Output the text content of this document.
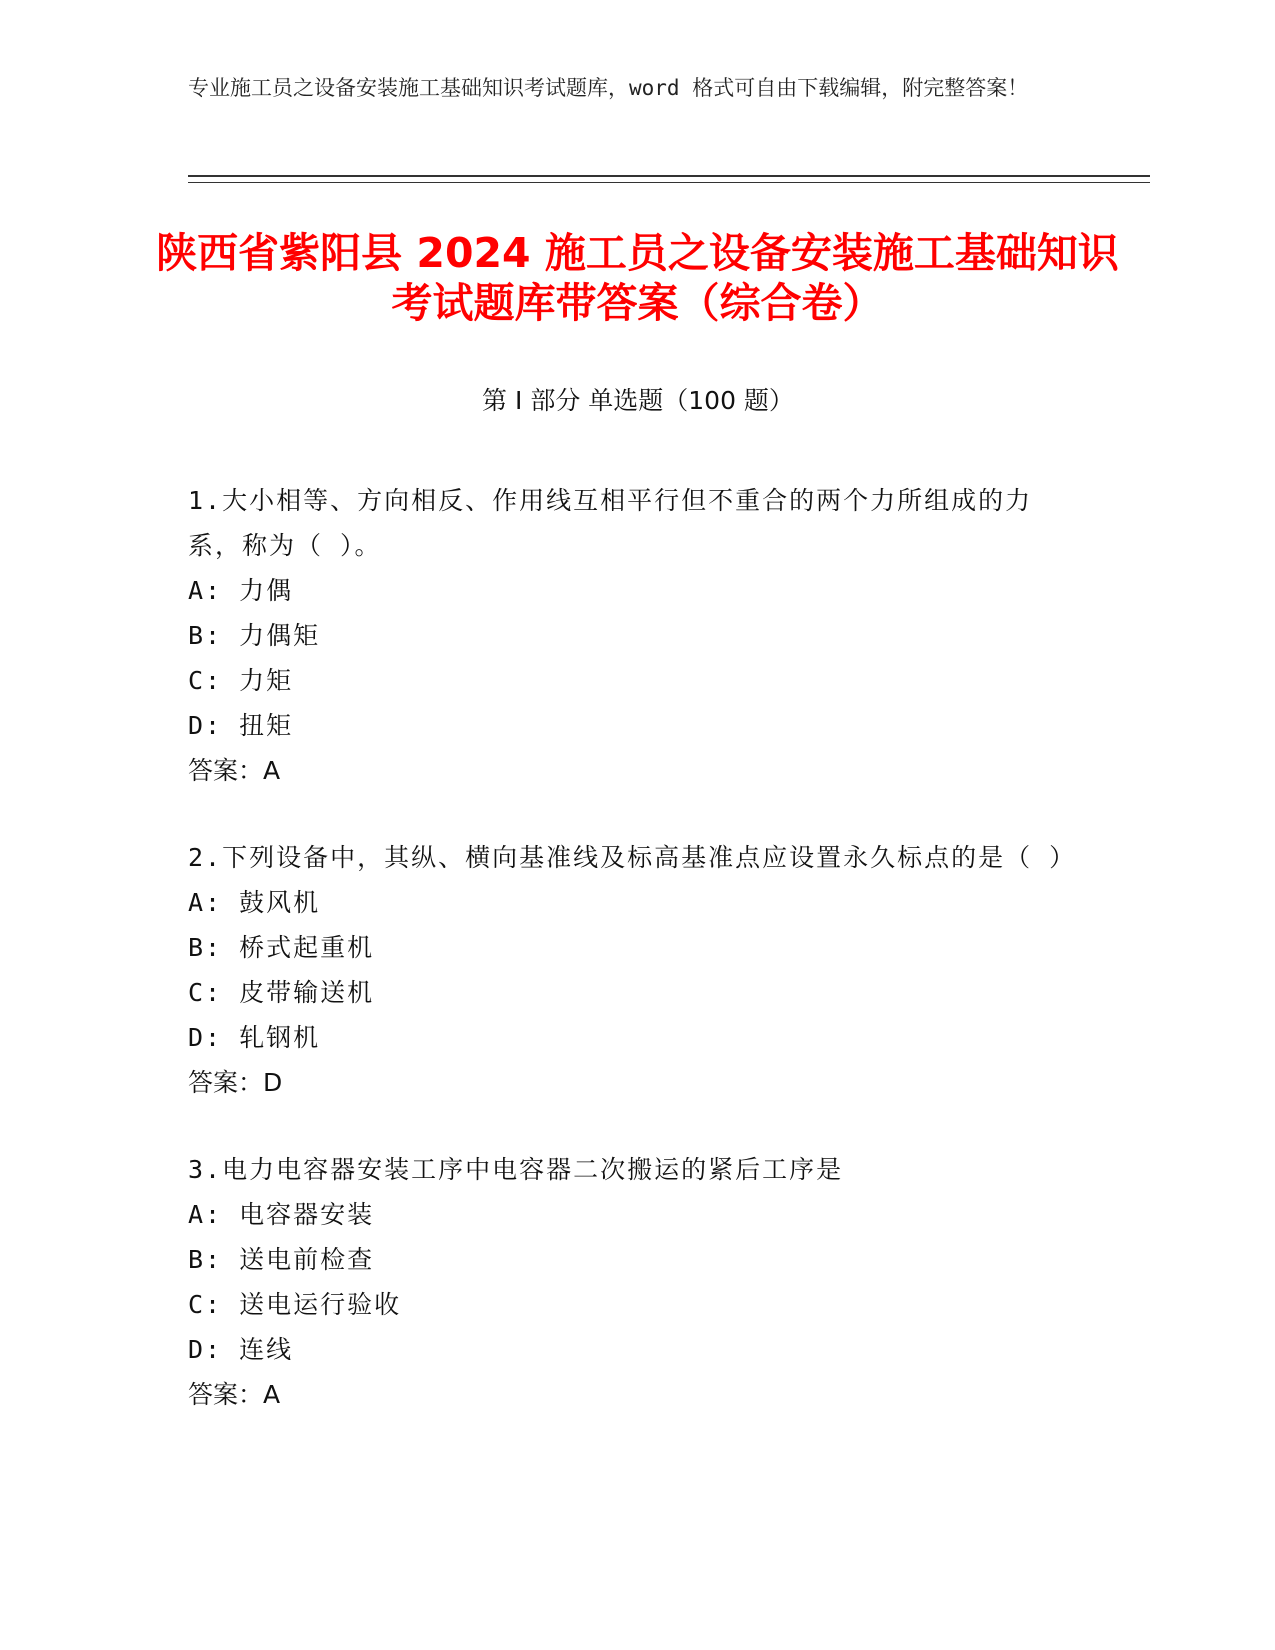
专业施工员之设备安装施工基础知识考试题库，word 格式可自由下载编辑，附完整答案！
陕西省紫阳县 2024 施工员之设备安装施工基础知识考试题库带答案（综合卷）
第 I 部分 单选题（100 题）
1.大小相等、方向相反、作用线互相平行但不重合的两个力所组成的力系，称为（ ）。
A: 力偶
B: 力偶矩
C: 力矩
D: 扭矩
答案：A
2.下列设备中，其纵、横向基准线及标高基准点应设置永久标点的是（ ）
A: 鼓风机
B: 桥式起重机
C: 皮带输送机
D: 轧钢机
答案：D
3.电力电容器安装工序中电容器二次搬运的紧后工序是
A: 电容器安装
B: 送电前检查
C: 送电运行验收
D: 连线
答案：A
